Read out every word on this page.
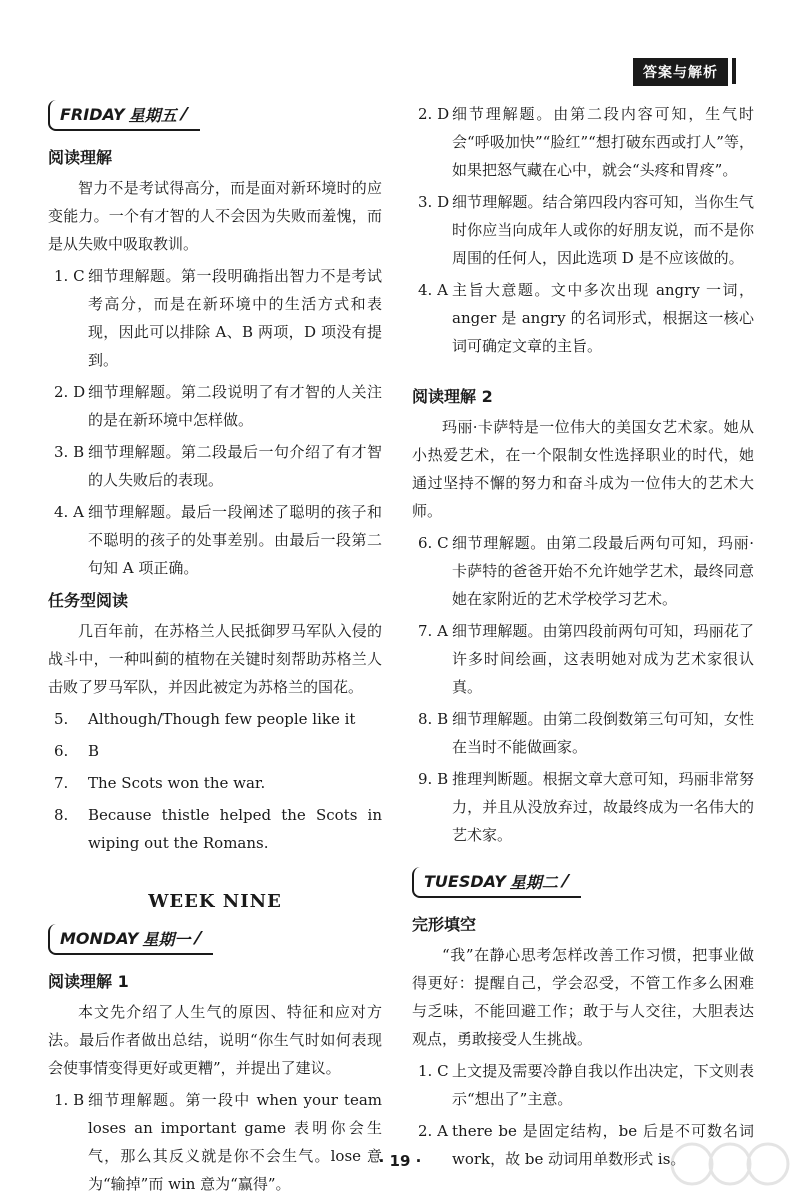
答案与解析
FRIDAY 星期五 ⁄
阅读理解

智力不是考试得高分，而是面对新环境时的应变能力。一个有才智的人不会因为失败而羞愧，而是从失败中吸取教训。

1. C 细节理解题。第一段明确指出智力不是考试考高分，而是在新环境中的生活方式和表现，因此可以排除 A、B 两项，D 项没有提到。
2. D 细节理解题。第二段说明了有才智的人关注的是在新环境中怎样做。
3. B 细节理解题。第二段最后一句介绍了有才智的人失败后的表现。
4. A 细节理解题。最后一段阐述了聪明的孩子和不聪明的孩子的处事差别。由最后一段第二句知 A 项正确。
任务型阅读

几百年前，在苏格兰人民抵御罗马军队入侵的战斗中，一种叫蓟的植物在关键时刻帮助苏格兰人击败了罗马军队，并因此被定为苏格兰的国花。

5.	Although/Though few people like it
6.	B
7.	The Scots won the war.
8.	Because thistle helped the Scots in wiping out the Romans.
WEEK NINE
MONDAY 星期一 ⁄
阅读理解 1

本文先介绍了人生气的原因、特征和应对方法。最后作者做出总结，说明“你生气时如何表现会使事情变得更好或更糟”，并提出了建议。

1. B 细节理解题。第一段中 when your team loses an important game 表明你会生气，那么其反义就是你不会生气。lose 意为“输掉”而 win 意为“赢得”。
2. D 细节理解题。由第二段内容可知，生气时会“呼吸加快”“脸红”“想打破东西或打人”等，如果把怒气藏在心中，就会“头疼和胃疼”。
3. D 细节理解题。结合第四段内容可知，当你生气时你应当向成年人或你的好朋友说，而不是你周围的任何人，因此选项 D 是不应该做的。
4. A 主旨大意题。文中多次出现 angry 一词，anger 是 angry 的名词形式，根据这一核心词可确定文章的主旨。
阅读理解 2

玛丽·卡萨特是一位伟大的美国女艺术家。她从小热爱艺术，在一个限制女性选择职业的时代，她通过坚持不懈的努力和奋斗成为一位伟大的艺术大师。

6. C 细节理解题。由第二段最后两句可知，玛丽·卡萨特的爸爸开始不允许她学艺术，最终同意她在家附近的艺术学校学习艺术。
7. A 细节理解题。由第四段前两句可知，玛丽花了许多时间绘画，这表明她对成为艺术家很认真。
8. B 细节理解题。由第二段倒数第三句可知，女性在当时不能做画家。
9. B 推理判断题。根据文章大意可知，玛丽非常努力，并且从没放弃过，故最终成为一名伟大的艺术家。
TUESDAY 星期二 ⁄
完形填空

“我”在静心思考怎样改善工作习惯，把事业做得更好：提醒自己，学会忍受，不管工作多么困难与乏味，不能回避工作；敢于与人交往，大胆表达观点，勇敢接受人生挑战。

1. C 上文提及需要冷静自我以作出决定，下文则表示“想出了”主意。
2. A there be 是固定结构，be 后是不可数名词 work，故 be 动词用单数形式 is。
· 19 ·
